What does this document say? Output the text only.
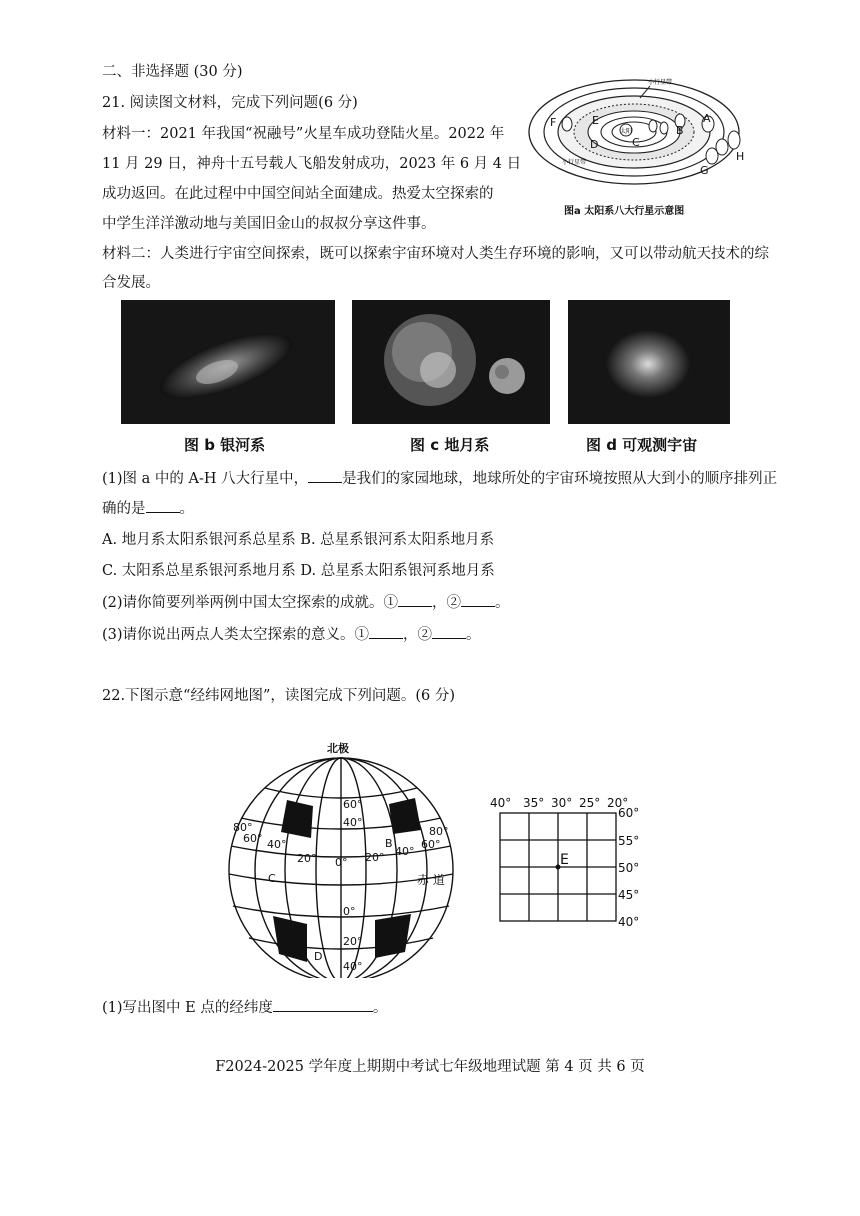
二、非选择题 (30 分)
21. 阅读图文材料，完成下列问题(6 分)
材料一：2021 年我国“祝融号”火星车成功登陆火星。2022 年
11 月 29 日，神舟十五号载人飞船发射成功，2023 年 6 月 4 日
成功返回。在此过程中中国空间站全面建成。热爱太空探索的
中学生洋洋激动地与美国旧金山的叔叔分享这件事。
太阳
小行星带
小行星带
A
B
C
D
E
F
G
H
图a 太阳系八大行星示意图
材料二：人类进行宇宙空间探索，既可以探索宇宙环境对人类生存环境的影响，又可以带动航天技术的综
合发展。
图 b 银河系	图 c 地月系	图 d 可观测宇宙
(1)图 a 中的 A-H 八大行星中， 是我们的家园地球，地球所处的宇宙环境按照从大到小的顺序排列正
确的是 。
A. 地月系太阳系银河系总星系 B. 总星系银河系太阳系地月系
C. 太阳系总星系银河系地月系 D. 总星系太阳系银河系地月系
(2)请你简要列举两例中国太空探索的成就。① ，② 。
(3)请你说出两点人类太空探索的意义。① ，② 。
22.下图示意“经纬网地图”，读图完成下列问题。(6 分)
北极
赤 道
A
B
C
D
80°
60° 40°
80°
60°
40°
20° 0° 20°
0°
20°
40°
60°
40°
40° 35° 30° 25° 20°
E
60°
55°
50°
45°
40°
(1)写出图中 E 点的经纬度	。
F2024-2025 学年度上期期中考试七年级地理试题 第 4 页 共 6 页
